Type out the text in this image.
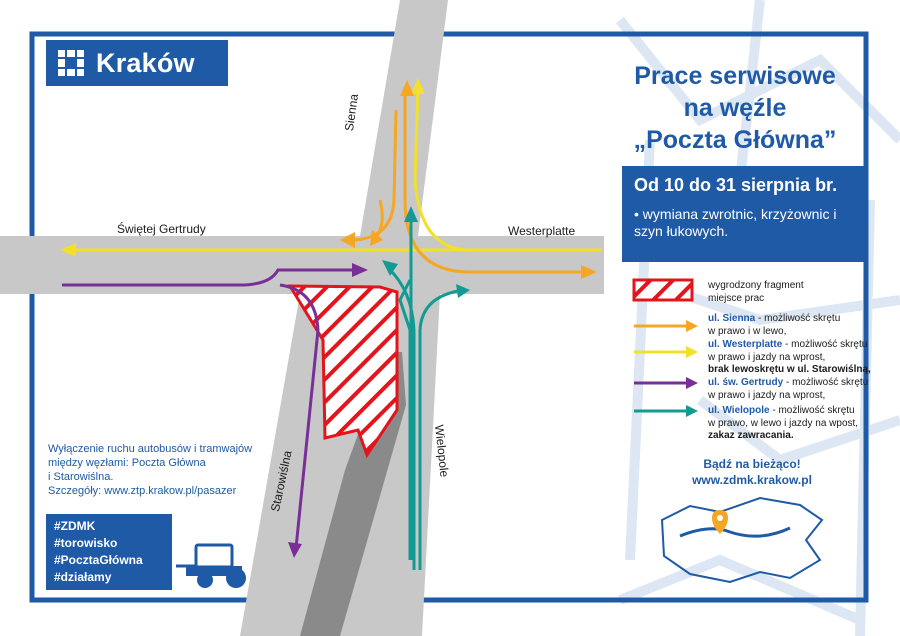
Kraków
Sienna
Świętej Gertrudy	Westerplatte
Starowiślna	Wielopole
Prace serwisowe
na węźle
„Poczta Główna”
Od 10 do 31 sierpnia br.
• wymiana zwrotnic, krzyżownic i szyn łukowych.
wygrodzony fragment
miejsce prac
ul. Sienna - możliwość skrętu
w prawo i w lewo,
ul. Westerplatte - możliwość skrętu
w prawo i jazdy na wprost,
brak lewoskrętu w ul. Starowiślną,
ul. św. Gertrudy - możliwość skrętu
w prawo i jazdy na wprost,
ul. Wielopole - możliwość skrętu
w prawo, w lewo i jazdy na wpost,
zakaz zawracania.
Wyłączenie ruchu autobusów i tramwajów
między węzłami: Poczta Główna
i Starowiślna.
Szczegóły: www.ztp.krakow.pl/pasazer
#ZDMK
#torowisko
#PocztaGłówna
#działamy
Bądź na bieżąco!
www.zdmk.krakow.pl
